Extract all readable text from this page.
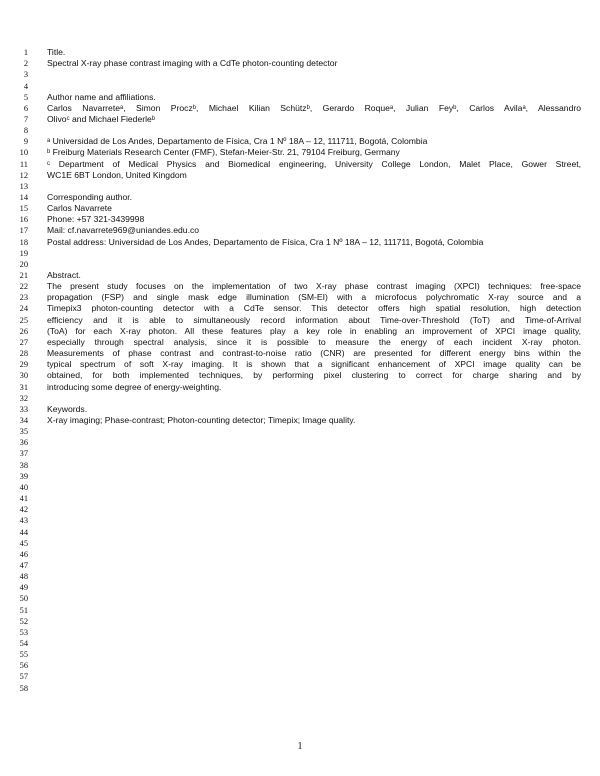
1 Title.
2 Spectral X-ray phase contrast imaging with a CdTe photon-counting detector
3
4
5 Author name and affiliations.
6 Carlos Navarreteᵃ, Simon Proczᵇ, Michael Kilian Schützᵇ, Gerardo Roqueᵃ, Julian Feyᵇ, Carlos Avilaᵃ, Alessandro
7 Olivoᶜ and Michael Fiederleᵇ
8
9 ᵃ Universidad de Los Andes, Departamento de Física, Cra 1 Nº 18A – 12, 111711, Bogotá, Colombia
10 ᵇ Freiburg Materials Research Center (FMF), Stefan-Meier-Str. 21, 79104 Freiburg, Germany
11 ᶜ Department of Medical Physics and Biomedical engineering, University College London, Malet Place, Gower Street,
12 WC1E 6BT London, United Kingdom
13
14 Corresponding author.
15 Carlos Navarrete
16 Phone: +57 321-3439998
17 Mail: cf.navarrete969@uniandes.edu.co
18 Postal address: Universidad de Los Andes, Departamento de Física, Cra 1 Nº 18A – 12, 111711, Bogotá, Colombia
19
20
21 Abstract.
22 The present study focuses on the implementation of two X-ray phase contrast imaging (XPCI) techniques: free-space
23 propagation (FSP) and single mask edge illumination (SM-EI) with a microfocus polychromatic X-ray source and a
24 Timepix3 photon-counting detector with a CdTe sensor. This detector offers high spatial resolution, high detection
25 efficiency and it is able to simultaneously record information about Time-over-Threshold (ToT) and Time-of-Arrival
26 (ToA) for each X-ray photon. All these features play a key role in enabling an improvement of XPCI image quality,
27 especially through spectral analysis, since it is possible to measure the energy of each incident X-ray photon.
28 Measurements of phase contrast and contrast-to-noise ratio (CNR) are presented for different energy bins within the
29 typical spectrum of soft X-ray imaging. It is shown that a significant enhancement of XPCI image quality can be
30 obtained, for both implemented techniques, by performing pixel clustering to correct for charge sharing and by
31 introducing some degree of energy-weighting.
32
33 Keywords.
34 X-ray imaging; Phase-contrast; Photon-counting detector; Timepix; Image quality.
35
36
37
38
39
40
41
42
43
44
45
46
47
48
49
50
51
52
53
54
55
56
57
58
1
